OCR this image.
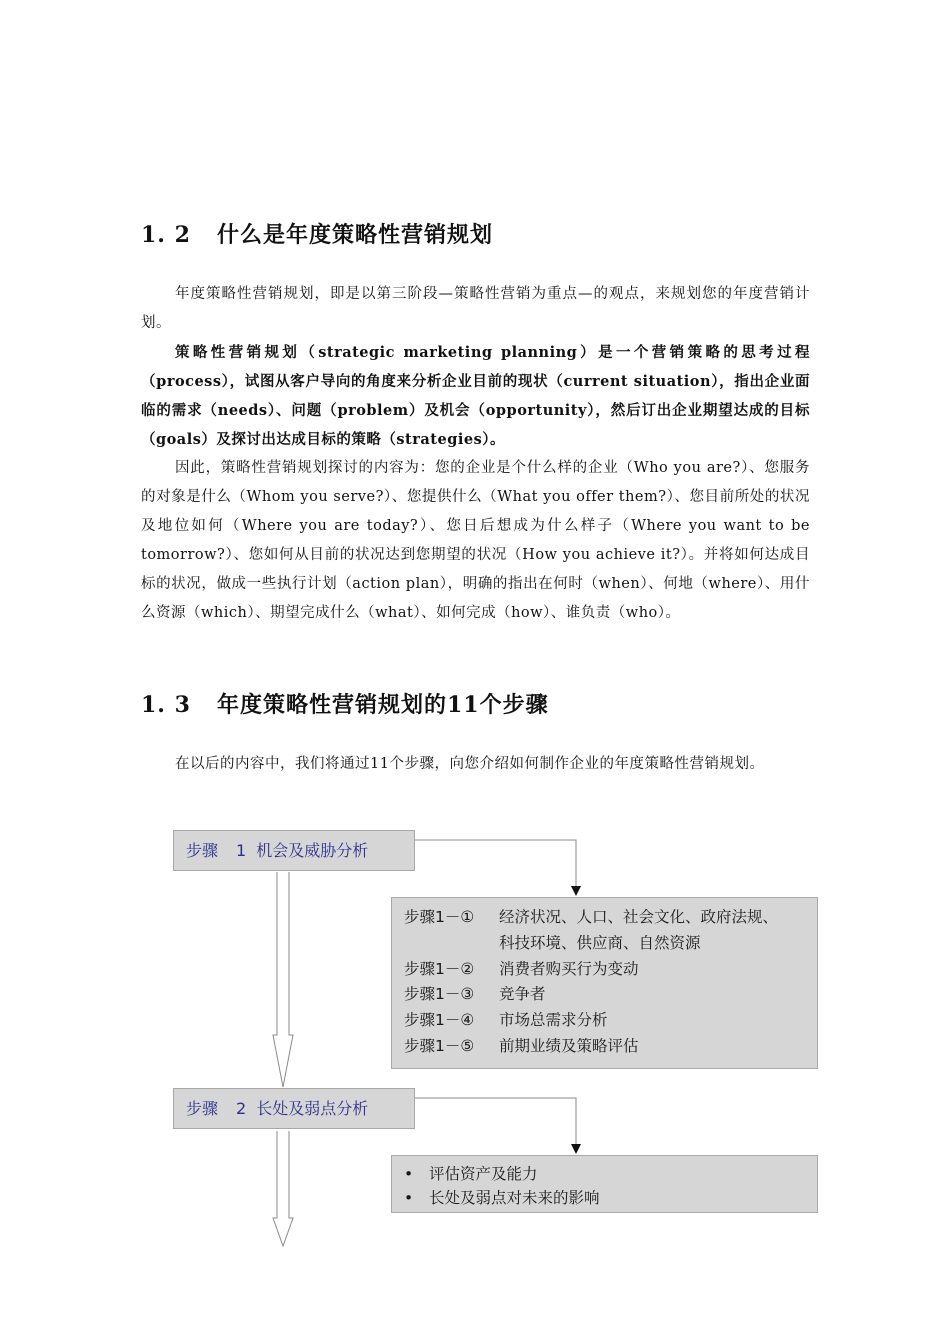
1. 2 什么是年度策略性营销规划

年度策略性营销规划，即是以第三阶段—策略性营销为重点—的观点，来规划您的年度营销计划。

策略性营销规划（strategic marketing planning）是一个营销策略的思考过程（process），试图从客户导向的角度来分析企业目前的现状（current situation），指出企业面临的需求（needs）、问题（problem）及机会（opportunity），然后订出企业期望达成的目标（goals）及探讨出达成目标的策略（strategies）。

因此，策略性营销规划探讨的内容为：您的企业是个什么样的企业（Who you are?）、您服务的对象是什么（Whom you serve?）、您提供什么（What you offer them?）、您目前所处的状况及地位如何（Where you are today?）、您日后想成为什么样子（Where you want to be tomorrow?）、您如何从目前的状况达到您期望的状况（How you achieve it?）。并将如何达成目标的状况，做成一些执行计划（action plan），明确的指出在何时（when）、何地（where）、用什么资源（which）、期望完成什么（what）、如何完成（how）、谁负责（who）。

1. 3 年度策略性营销规划的11个步骤

在以后的内容中，我们将通过11个步骤，向您介绍如何制作企业的年度策略性营销规划。

步骤 1 机会及威胁分析
步骤1－①	经济状况、人口、社会文化、政府法规、
科技环境、供应商、自然资源
步骤1－②	消费者购买行为变动
步骤1－③	竞争者
步骤1－④	市场总需求分析
步骤1－⑤	前期业绩及策略评估
步骤 2 长处及弱点分析
• 评估资产及能力
• 长处及弱点对未来的影响
